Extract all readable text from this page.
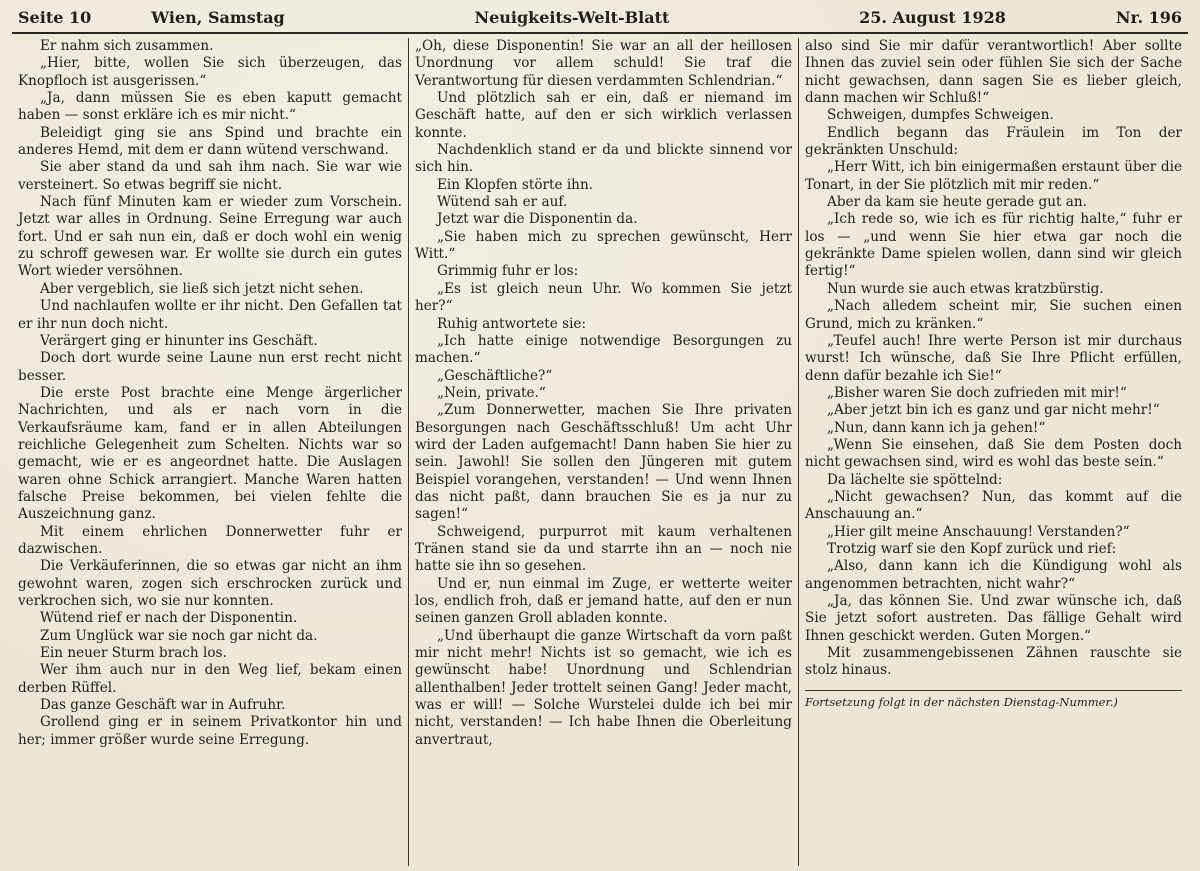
Seite 10	Wien, Samstag	Neuigkeits-Welt-Blatt	25. August 1928	Nr. 196

Er nahm sich zusammen.

„Hier, bitte, wollen Sie sich überzeugen, das Knopfloch ist ausgerissen.“

„Ja, dann müssen Sie es eben kaputt gemacht haben — sonst erkläre ich es mir nicht.“

Beleidigt ging sie ans Spind und brachte ein anderes Hemd, mit dem er dann wütend verschwand.

Sie aber stand da und sah ihm nach. Sie war wie versteinert. So etwas begriff sie nicht.

Nach fünf Minuten kam er wieder zum Vorschein. Jetzt war alles in Ordnung. Seine Erregung war auch fort. Und er sah nun ein, daß er doch wohl ein wenig zu schroff gewesen war. Er wollte sie durch ein gutes Wort wieder versöhnen.

Aber vergeblich, sie ließ sich jetzt nicht sehen.

Und nachlaufen wollte er ihr nicht. Den Gefallen tat er ihr nun doch nicht.

Verärgert ging er hinunter ins Geschäft.

Doch dort wurde seine Laune nun erst recht nicht besser.

Die erste Post brachte eine Menge ärgerlicher Nachrichten, und als er nach vorn in die Verkaufsräume kam, fand er in allen Abteilungen reichliche Gelegenheit zum Schelten. Nichts war so gemacht, wie er es angeordnet hatte. Die Auslagen waren ohne Schick arrangiert. Manche Waren hatten falsche Preise bekommen, bei vielen fehlte die Auszeichnung ganz.

Mit einem ehrlichen Donnerwetter fuhr er dazwischen.

Die Verkäuferinnen, die so etwas gar nicht an ihm gewohnt waren, zogen sich erschrocken zurück und verkrochen sich, wo sie nur konnten.

Wütend rief er nach der Disponentin.

Zum Unglück war sie noch gar nicht da.

Ein neuer Sturm brach los.

Wer ihm auch nur in den Weg lief, bekam einen derben Rüffel.

Das ganze Geschäft war in Aufruhr.

Grollend ging er in seinem Privatkontor hin und her; immer größer wurde seine Erregung.

„Oh, diese Disponentin! Sie war an all der heillosen Unordnung vor allem schuld! Sie traf die Verantwortung für diesen verdammten Schlendrian.“

Und plötzlich sah er ein, daß er niemand im Geschäft hatte, auf den er sich wirklich verlassen konnte.

Nachdenklich stand er da und blickte sinnend vor sich hin.

Ein Klopfen störte ihn.

Wütend sah er auf.

Jetzt war die Disponentin da.

„Sie haben mich zu sprechen gewünscht, Herr Witt.“

Grimmig fuhr er los:

„Es ist gleich neun Uhr. Wo kommen Sie jetzt her?“

Ruhig antwortete sie:

„Ich hatte einige notwendige Besorgungen zu machen.“

„Geschäftliche?“

„Nein, private.“

„Zum Donnerwetter, machen Sie Ihre privaten Besorgungen nach Geschäftsschluß! Um acht Uhr wird der Laden aufgemacht! Dann haben Sie hier zu sein. Jawohl! Sie sollen den Jüngeren mit gutem Beispiel vorangehen, verstanden! — Und wenn Ihnen das nicht paßt, dann brauchen Sie es ja nur zu sagen!“

Schweigend, purpurrot mit kaum verhaltenen Tränen stand sie da und starrte ihn an — noch nie hatte sie ihn so gesehen.

Und er, nun einmal im Zuge, er wetterte weiter los, endlich froh, daß er jemand hatte, auf den er nun seinen ganzen Groll abladen konnte.

„Und überhaupt die ganze Wirtschaft da vorn paßt mir nicht mehr! Nichts ist so gemacht, wie ich es gewünscht habe! Unordnung und Schlendrian allenthalben! Jeder trottelt seinen Gang! Jeder macht, was er will! — Solche Wurstelei dulde ich bei mir nicht, verstanden! — Ich habe Ihnen die Oberleitung anvertraut,

also sind Sie mir dafür verantwortlich! Aber sollte Ihnen das zuviel sein oder fühlen Sie sich der Sache nicht gewachsen, dann sagen Sie es lieber gleich, dann machen wir Schluß!“

Schweigen, dumpfes Schweigen.

Endlich begann das Fräulein im Ton der gekränkten Unschuld:

„Herr Witt, ich bin einigermaßen erstaunt über die Tonart, in der Sie plötzlich mit mir reden.“

Aber da kam sie heute gerade gut an.

„Ich rede so, wie ich es für richtig halte,“ fuhr er los — „und wenn Sie hier etwa gar noch die gekränkte Dame spielen wollen, dann sind wir gleich fertig!“

Nun wurde sie auch etwas kratzbürstig.

„Nach alledem scheint mir, Sie suchen einen Grund, mich zu kränken.“

„Teufel auch! Ihre werte Person ist mir durchaus wurst! Ich wünsche, daß Sie Ihre Pflicht erfüllen, denn dafür bezahle ich Sie!“

„Bisher waren Sie doch zufrieden mit mir!“

„Aber jetzt bin ich es ganz und gar nicht mehr!“

„Nun, dann kann ich ja gehen!“

„Wenn Sie einsehen, daß Sie dem Posten doch nicht gewachsen sind, wird es wohl das beste sein.“

Da lächelte sie spöttelnd:

„Nicht gewachsen? Nun, das kommt auf die Anschauung an.“

„Hier gilt meine Anschauung! Verstanden?“

Trotzig warf sie den Kopf zurück und rief:

„Also, dann kann ich die Kündigung wohl als angenommen betrachten, nicht wahr?“

„Ja, das können Sie. Und zwar wünsche ich, daß Sie jetzt sofort austreten. Das fällige Gehalt wird Ihnen geschickt werden. Guten Morgen.“

Mit zusammengebissenen Zähnen rauschte sie stolz hinaus.

Fortsetzung folgt in der nächsten Dienstag-Nummer.)
